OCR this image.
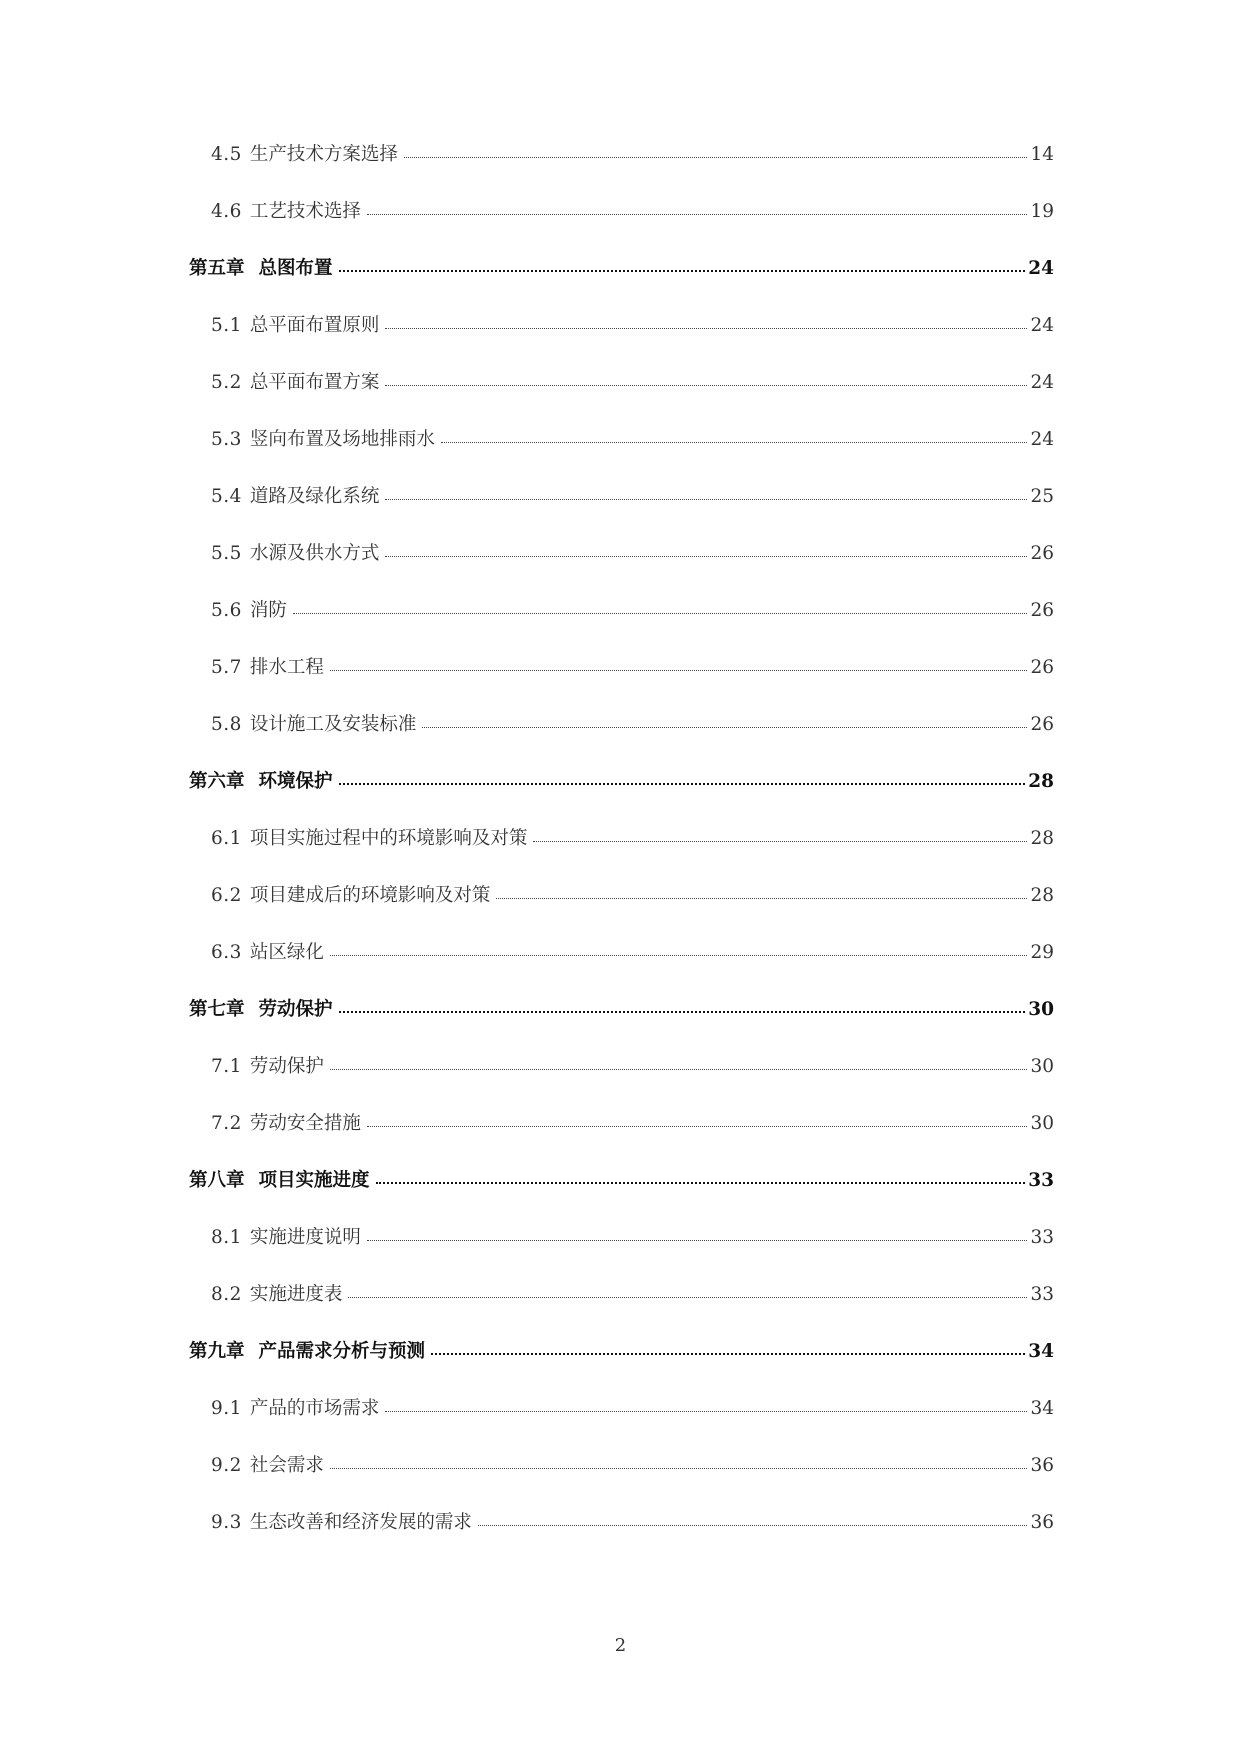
4.5 生产技术方案选择	14
4.6 工艺技术选择	19
第五章 总图布置	24
5.1 总平面布置原则	24
5.2 总平面布置方案	24
5.3 竖向布置及场地排雨水	24
5.4 道路及绿化系统	25
5.5 水源及供水方式	26
5.6 消防	26
5.7 排水工程	26
5.8 设计施工及安装标准	26
第六章 环境保护	28
6.1 项目实施过程中的环境影响及对策	28
6.2 项目建成后的环境影响及对策	28
6.3 站区绿化	29
第七章 劳动保护	30
7.1 劳动保护	30
7.2 劳动安全措施	30
第八章 项目实施进度	33
8.1 实施进度说明	33
8.2 实施进度表	33
第九章 产品需求分析与预测	34
9.1 产品的市场需求	34
9.2 社会需求	36
9.3 生态改善和经济发展的需求	36
2
